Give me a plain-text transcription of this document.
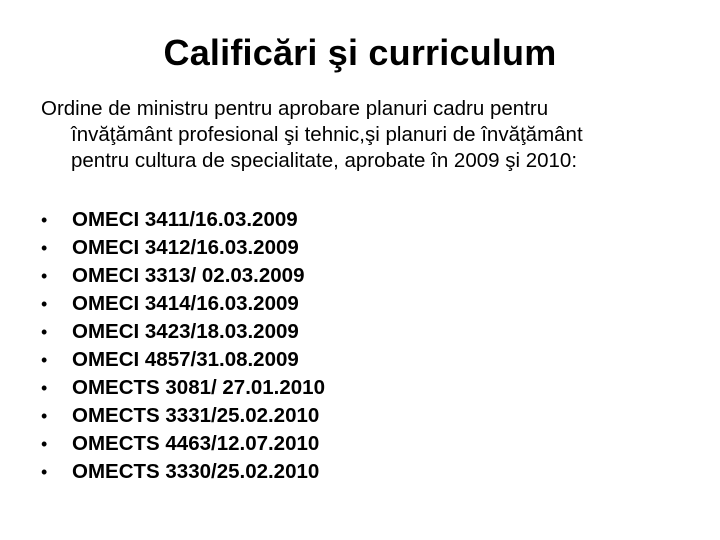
Calificări şi curriculum
Ordine de ministru pentru aprobare planuri cadru pentru
învăţământ profesional şi tehnic,şi planuri de învăţământ
pentru cultura de specialitate, aprobate în 2009 şi 2010:
•	OMECI 3411/16.03.2009
•	OMECI 3412/16.03.2009
•	OMECI 3313/ 02.03.2009
•	OMECI 3414/16.03.2009
•	OMECI 3423/18.03.2009
•	OMECI 4857/31.08.2009
•	OMECTS 3081/ 27.01.2010
•	OMECTS 3331/25.02.2010
•	OMECTS 4463/12.07.2010
•	OMECTS 3330/25.02.2010
